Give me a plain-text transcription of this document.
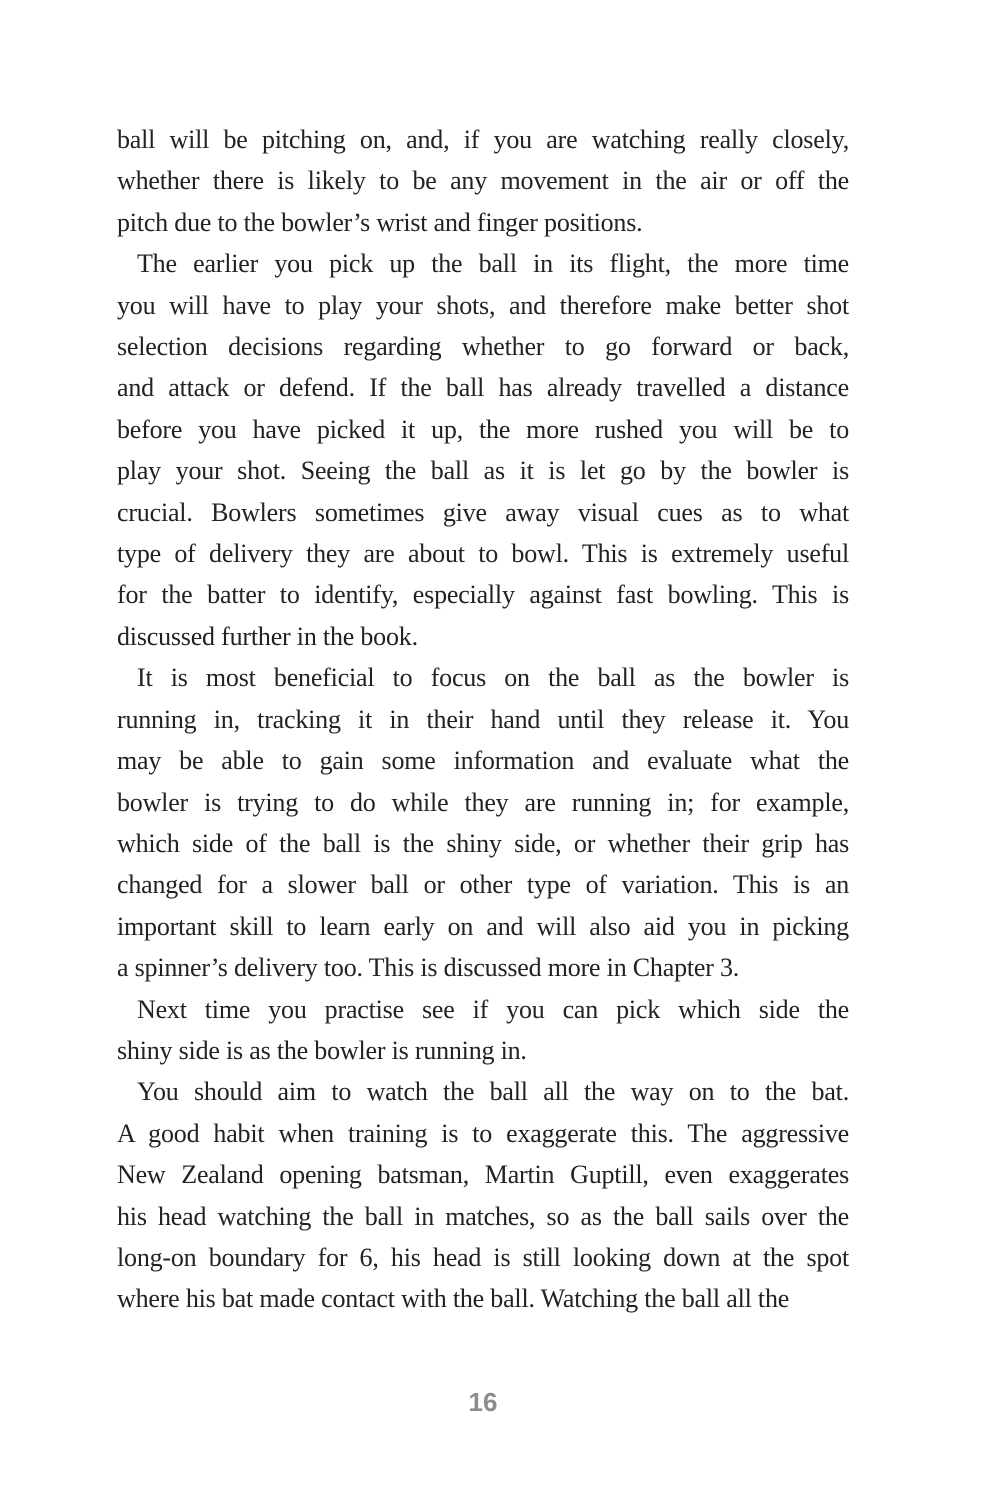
ball will be pitching on, and, if you are watching really closely,
whether there is likely to be any movement in the air or off the
pitch due to the bowler’s wrist and finger positions.

The earlier you pick up the ball in its flight, the more time
you will have to play your shots, and therefore make better shot
selection decisions regarding whether to go forward or back,
and attack or defend. If the ball has already travelled a distance
before you have picked it up, the more rushed you will be to
play your shot. Seeing the ball as it is let go by the bowler is
crucial. Bowlers sometimes give away visual cues as to what
type of delivery they are about to bowl. This is extremely useful
for the batter to identify, especially against fast bowling. This is
discussed further in the book.

It is most beneficial to focus on the ball as the bowler is
running in, tracking it in their hand until they release it. You
may be able to gain some information and evaluate what the
bowler is trying to do while they are running in; for example,
which side of the ball is the shiny side, or whether their grip has
changed for a slower ball or other type of variation. This is an
important skill to learn early on and will also aid you in picking
a spinner’s delivery too. This is discussed more in Chapter 3.

Next time you practise see if you can pick which side the
shiny side is as the bowler is running in.

You should aim to watch the ball all the way on to the bat.
A good habit when training is to exaggerate this. The aggressive
New Zealand opening batsman, Martin Guptill, even exaggerates
his head watching the ball in matches, so as the ball sails over the
long-on boundary for 6, his head is still looking down at the spot
where his bat made contact with the ball. Watching the ball all the

16
